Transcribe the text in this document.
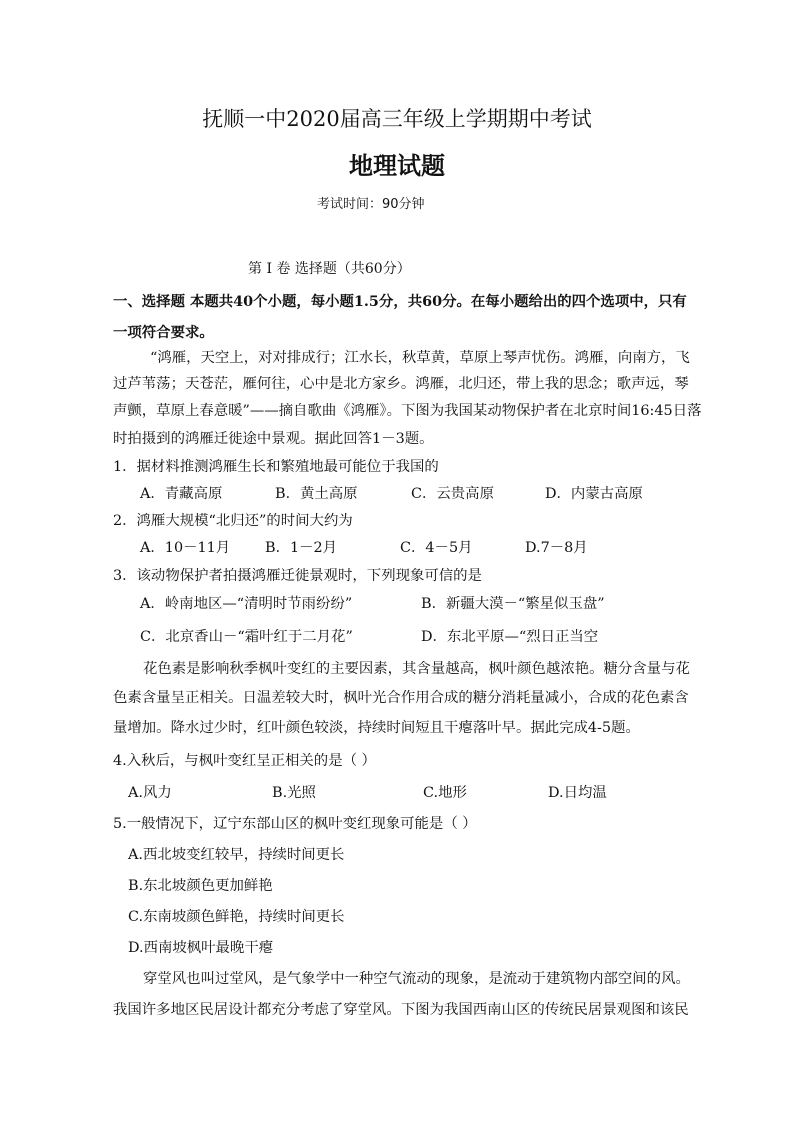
抚顺一中2020届高三年级上学期期中考试
地理试题
考试时间：90分钟
第 Ⅰ 卷 选择题（共60分）
一、选择题 本题共40个小题，每小题1.5分，共60分。在每小题给出的四个选项中，只有
一项符合要求。
“鸿雁，天空上，对对排成行；江水长，秋草黄，草原上琴声忧伤。鸿雁，向南方，飞
过芦苇荡；天苍茫，雁何往，心中是北方家乡。鸿雁，北归还，带上我的思念；歌声远，琴
声颤，草原上春意暖”——摘自歌曲《鸿雁》。下图为我国某动物保护者在北京时间16:45日落
时拍摄到的鸿雁迁徙途中景观。据此回答1－3题。
1．据材料推测鸿雁生长和繁殖地最可能位于我国的
A．青藏高原	B．黄土高原	C．云贵高原	D．内蒙古高原
2．鸿雁大规模“北归还”的时间大约为
A．10－11月 B．1－2月	C．4－5月	D.7－8月
3．该动物保护者拍摄鸿雁迁徙景观时，下列现象可信的是
A．岭南地区—“清明时节雨纷纷”	B．新疆大漠－“繁星似玉盘”
C．北京香山－“霜叶红于二月花”	D．东北平原—“烈日正当空
花色素是影响秋季枫叶变红的主要因素，其含量越高，枫叶颜色越浓艳。糖分含量与花
色素含量呈正相关。日温差较大时，枫叶光合作用合成的糖分消耗量减小，合成的花色素含
量增加。降水过少时，红叶颜色较淡，持续时间短且干瘪落叶早。据此完成4-5题。
4.入秋后，与枫叶变红呈正相关的是（ ）
A.风力	B.光照	C.地形	D.日均温
5.一般情况下，辽宁东部山区的枫叶变红现象可能是（ ）
A.西北坡变红较早，持续时间更长
B.东北坡颜色更加鲜艳
C.东南坡颜色鲜艳，持续时间更长
D.西南坡枫叶最晚干瘪
穿堂风也叫过堂风，是气象学中一种空气流动的现象，是流动于建筑物内部空间的风。
我国许多地区民居设计都充分考虑了穿堂风。下图为我国西南山区的传统民居景观图和该民
